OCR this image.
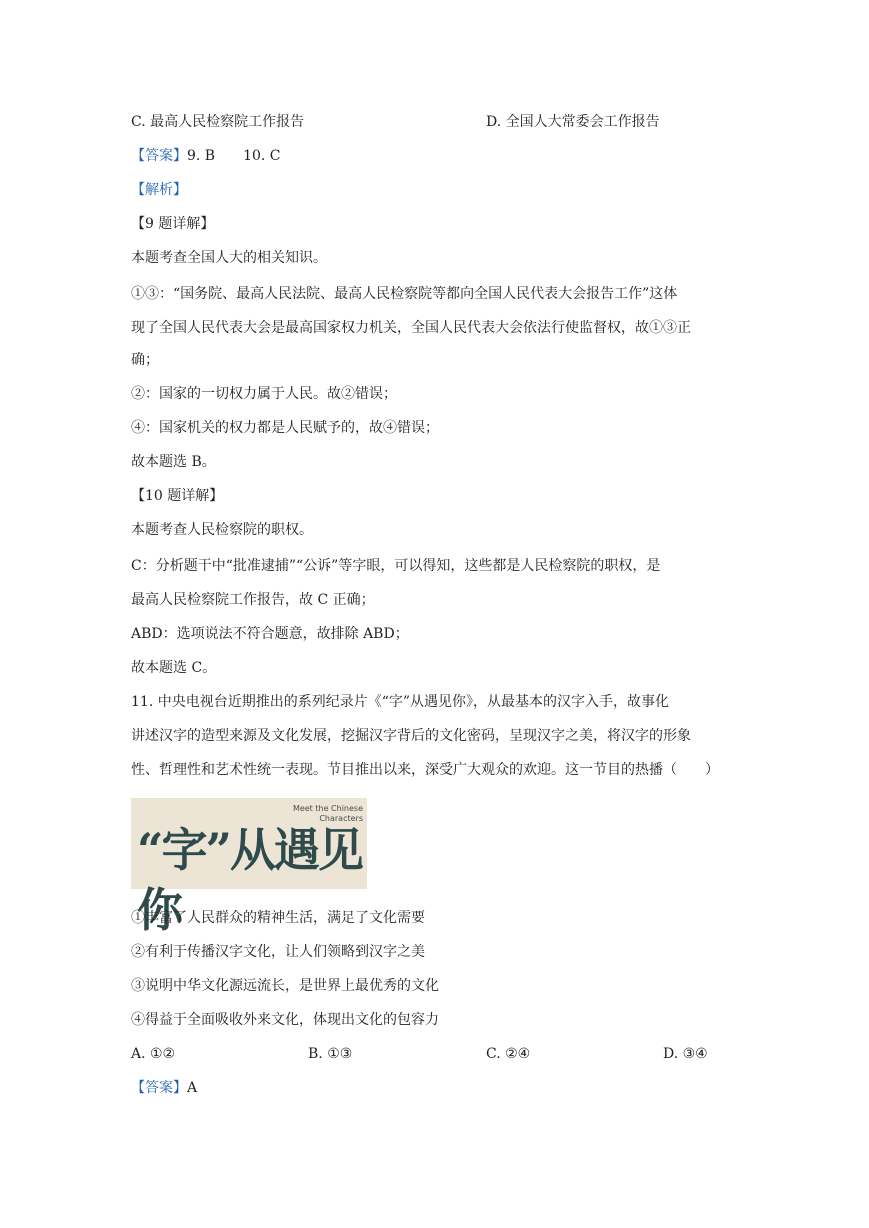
C. 最高人民检察院工作报告	D. 全国人大常委会工作报告
【答案】9. B　　10. C
【解析】
【9 题详解】
本题考查全国人大的相关知识。
①③：“国务院、最高人民法院、最高人民检察院等都向全国人民代表大会报告工作”这体
现了全国人民代表大会是最高国家权力机关，全国人民代表大会依法行使监督权，故①③正
确；
②：国家的一切权力属于人民。故②错误；
④：国家机关的权力都是人民赋予的，故④错误；
故本题选 B。
【10 题详解】
本题考查人民检察院的职权。
C：分析题干中“批准逮捕”“公诉”等字眼，可以得知，这些都是人民检察院的职权，是
最高人民检察院工作报告，故 C 正确；
ABD：选项说法不符合题意，故排除 ABD；
故本题选 C。
11. 中央电视台近期推出的系列纪录片《“字”从遇见你》，从最基本的汉字入手，故事化
讲述汉字的造型来源及文化发展，挖掘汉字背后的文化密码，呈现汉字之美，将汉字的形象
性、哲理性和艺术性统一表现。节目推出以来，深受广大观众的欢迎。这一节目的热播（　　）
Meet the Chinese Characters
“字”从遇见你
①丰富了人民群众的精神生活，满足了文化需要
②有利于传播汉字文化，让人们领略到汉字之美
③说明中华文化源远流长，是世界上最优秀的文化
④得益于全面吸收外来文化，体现出文化的包容力
A. ①②	B. ①③	C. ②④	D. ③④
【答案】A
